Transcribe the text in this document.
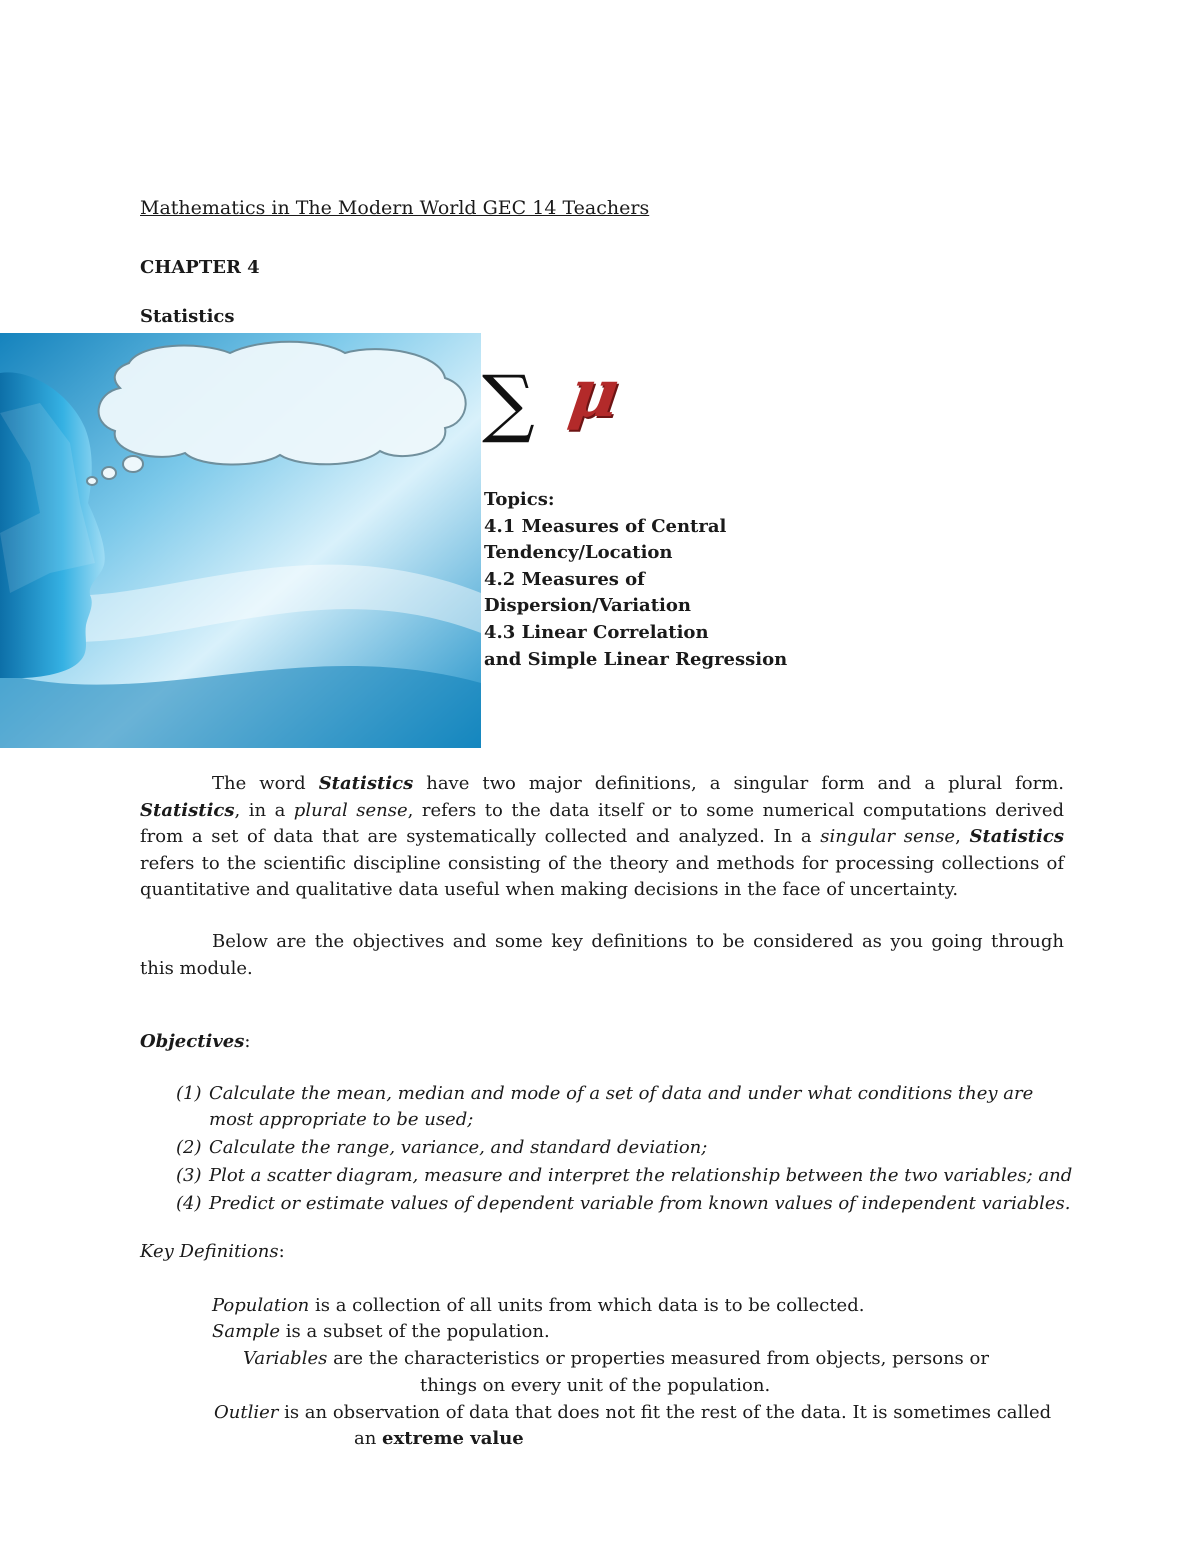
Mathematics in The Modern World GEC 14 Teachers
CHAPTER 4
Statistics
∑ μ
Topics:
4.1 Measures of Central
Tendency/Location
4.2 Measures of
Dispersion/Variation
4.3 Linear Correlation
and Simple Linear Regression
The word Statistics have two major definitions, a singular form and a plural form. Statistics, in a plural sense, refers to the data itself or to some numerical computations derived from a set of data that are systematically collected and analyzed. In a singular sense, Statistics refers to the scientific discipline consisting of the theory and methods for processing collections of quantitative and qualitative data useful when making decisions in the face of uncertainty.
Below are the objectives and some key definitions to be considered as you going through this module.
Objectives:
(1) Calculate the mean, median and mode of a set of data and under what conditions they are most appropriate to be used;
(2) Calculate the range, variance, and standard deviation;
(3) Plot a scatter diagram, measure and interpret the relationship between the two variables; and
(4) Predict or estimate values of dependent variable from known values of independent variables.
Key Definitions:
Population is a collection of all units from which data is to be collected.
Sample is a subset of the population.
Variables are the characteristics or properties measured from objects, persons or
things on every unit of the population.
Outlier is an observation of data that does not fit the rest of the data. It is sometimes called
an extreme value
